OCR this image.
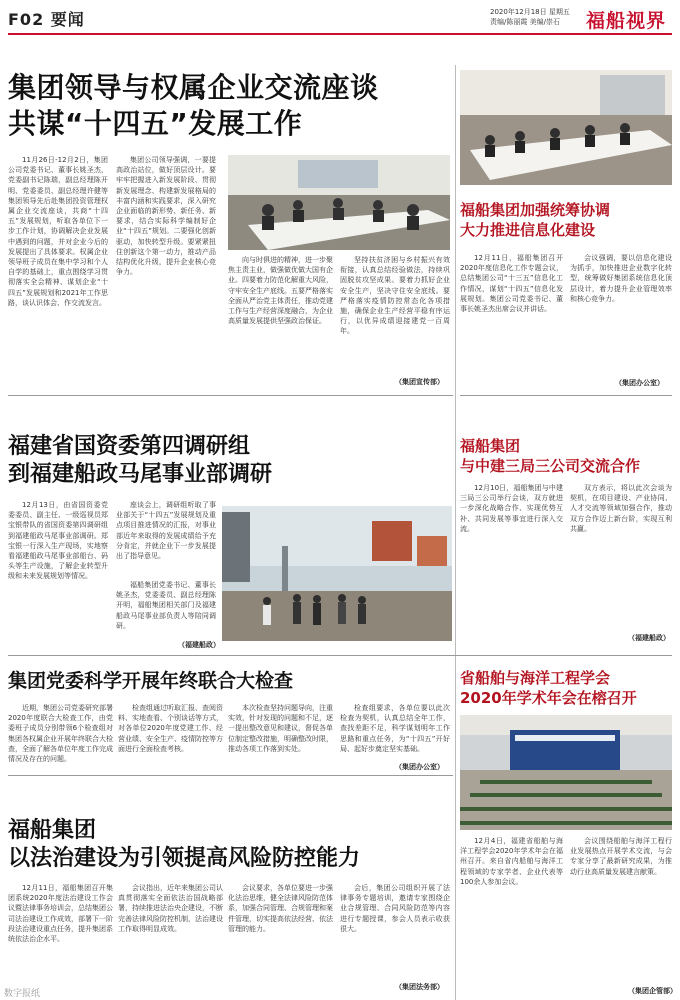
F02 要闻	2020年12月18日 星期五
责编/陈丽霞 美编/崇石	福船视界
集团领导与权属企业交流座谈
共谋“十四五”发展工作
11月26日-12月2日，集团公司党委书记、董事长姚圣杰，党委副书记陈瑞，副总经理陈开明、党委委员、副总经理许健等集团领导先后赴集团投资管理权属企业交流座谈，共商“十四五”发展规划，听取各单位下一步工作计划，协调解决企业发展中遇到的问题，并对企业今后的发展提出了具体要求。权属企业领导班子成员在集中学习和个人自学的基础上，重点围绕学习贯彻落实全会精神、谋划企业“十四五”发展规划和2021年工作思路，谈认识体会、作交流发言。
集团公司领导强调，一要提高政治站位，做好顶层设计。要牢牢把握进入新发展阶段、贯彻新发展理念、构建新发展格局的丰富内涵和实践要求，深入研究企业面临的新形势、新任务、新要求，结合实际科学编制好企业“十四五”规划。二要强化创新驱动，加快转型升级。要紧紧扭住创新这个第一动力，推动产品结构优化升级，提升企业核心竞争力。
向与时俱进的精神，进一步聚焦主责主业，做强做优做大国有企业。四要着力防范化解重大风险，守牢安全生产底线。五要严格落实全面从严治党主体责任，推动党建工作与生产经营深度融合，为企业高质量发展提供坚强政治保证。
坚持扶贫济困与乡村振兴有效衔接，认真总结经验做法，持续巩固脱贫攻坚成果。要着力抓好企业安全生产，坚决守住安全底线。要严格落实疫情防控常态化各项措施，确保企业生产经营平稳有序运行，以优异成绩迎接建党一百周年。
（集团宣传部）
福船集团加强统筹协调
大力推进信息化建设
12月11日，福船集团召开2020年度信息化工作专题会议，总结集团公司“十三五”信息化工作情况，谋划“十四五”信息化发展规划。集团公司党委书记、董事长姚圣杰出席会议并讲话。
会议强调，要以信息化建设为抓手，加快推进企业数字化转型，统筹做好集团系统信息化顶层设计，着力提升企业管理效率和核心竞争力。
（集团办公室）
福建省国资委第四调研组
到福建船政马尾事业部调研
12月13日，由省国资委党委委员、副主任、一级巡视员郑宝银带队的省国资委第四调研组到福建船政马尾事业部调研。郑宝银一行深入生产现场，实地察看福建船政马尾事业部船台、码头等生产设施，了解企业转型升级和未来发展规划等情况。
座谈会上，调研组听取了事业部关于“十四五”发展规划及重点项目推进情况的汇报，对事业部近年来取得的发展成绩给予充分肯定，并就企业下一步发展提出了指导意见。
福船集团党委书记、董事长姚圣杰，党委委员、副总经理陈开明，福船集团相关部门及福建船政马尾事业部负责人等陪同调研。
（福建船政）
福船集团
与中建三局三公司交流合作
12月10日，福船集团与中建三局三公司举行会谈，双方就进一步深化战略合作、实现优势互补、共同发展等事宜进行深入交流。
双方表示，将以此次会谈为契机，在项目建设、产业协同、人才交流等领域加强合作，推动双方合作迈上新台阶，实现互利共赢。
（福建船政）
集团党委科学开展年终联合大检查
近期，集团公司党委研究部署2020年度联合大检查工作，由党委班子成员分别带领6个检查组对集团各权属企业开展年终联合大检查，全面了解各单位年度工作完成情况及存在的问题。
检查组通过听取汇报、查阅资料、实地查看、个别谈话等方式，对各单位2020年度党建工作、经营业绩、安全生产、疫情防控等方面进行全面检查考核。
本次检查坚持问题导向，注重实效，针对发现的问题和不足，逐一提出整改意见和建议，督促各单位制定整改措施，明确整改时限，推动各项工作落到实处。
检查组要求，各单位要以此次检查为契机，认真总结全年工作，查找差距不足，科学谋划明年工作思路和重点任务，为“十四五”开好局、起好步奠定坚实基础。
（集团办公室）
省船舶与海洋工程学会
2020年学术年会在榕召开
12月4日，福建省船舶与海洋工程学会2020年学术年会在福州召开。来自省内船舶与海洋工程领域的专家学者、企业代表等100余人参加会议。
会议围绕船舶与海洋工程行业发展热点开展学术交流，与会专家分享了最新研究成果，为推动行业高质量发展建言献策。
（集团企管部）
福船集团
以法治建设为引领提高风险防控能力
12月11日，福船集团召开集团系统2020年度法治建设工作会议暨法律事务培训会，总结集团公司法治建设工作成效，部署下一阶段法治建设重点任务，提升集团系统依法治企水平。
会议指出，近年来集团公司认真贯彻落实全面依法治国战略部署，持续推进法治央企建设，不断完善法律风险防控机制，法治建设工作取得明显成效。
会议要求，各单位要进一步强化法治思维，健全法律风险防范体系，加强合同管理、合规管理和案件管理，切实提高依法经营、依法管理的能力。
会后，集团公司组织开展了法律事务专题培训，邀请专家围绕企业合规管理、合同风险防范等内容进行专题授课，参会人员表示收获很大。
（集团法务部）
数字报纸
